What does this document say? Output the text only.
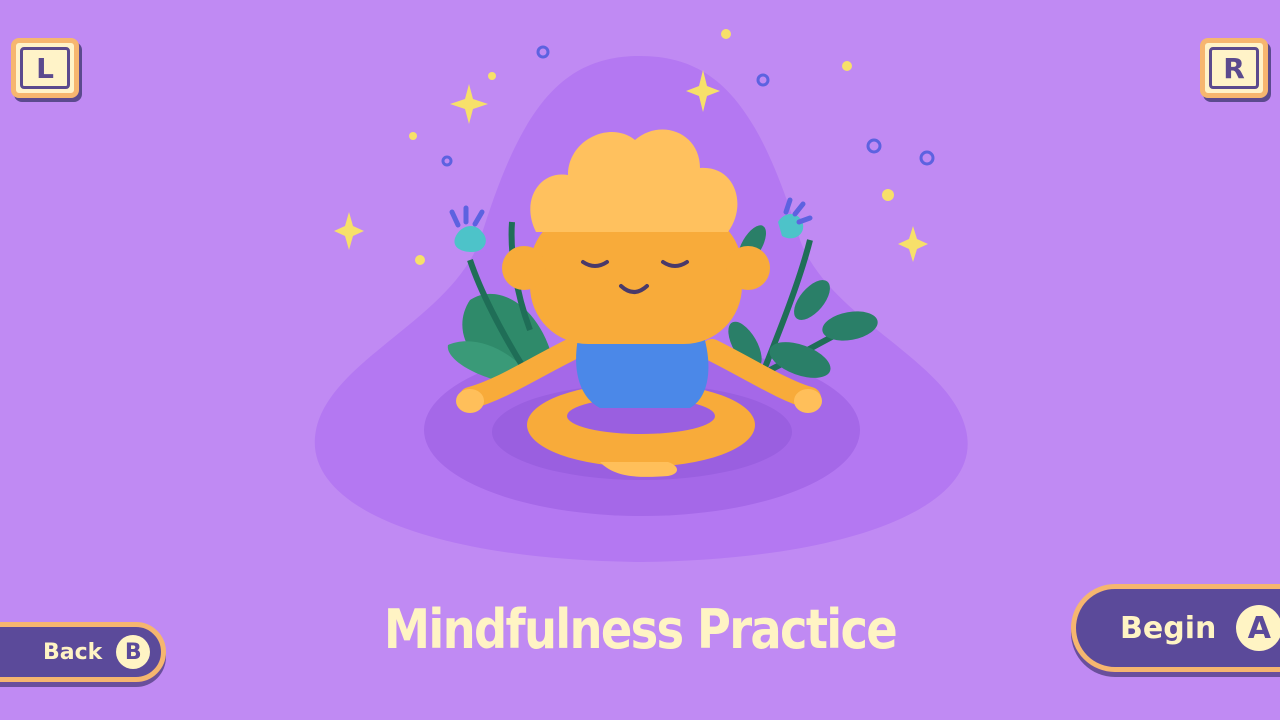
L	R
Mindfulness Practice
Back	B
Begin	A
